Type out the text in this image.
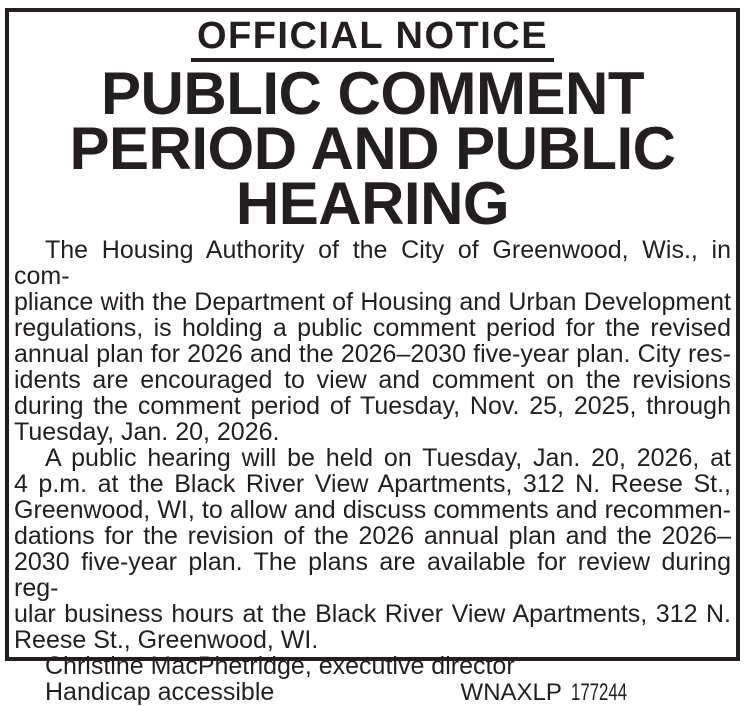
OFFICIAL NOTICE
PUBLIC COMMENT
PERIOD AND PUBLIC
HEARING
The Housing Authority of the City of Greenwood, Wis., in com-
pliance with the Department of Housing and Urban Development
regulations, is holding a public comment period for the revised
annual plan for 2026 and the 2026–2030 five-year plan. City res-
idents are encouraged to view and comment on the revisions
during the comment period of Tuesday, Nov. 25, 2025, through
Tuesday, Jan. 20, 2026.
A public hearing will be held on Tuesday, Jan. 20, 2026, at
4 p.m. at the Black River View Apartments, 312 N. Reese St.,
Greenwood, WI, to allow and discuss comments and recommen-
dations for the revision of the 2026 annual plan and the 2026–
2030 five-year plan. The plans are available for review during reg-
ular business hours at the Black River View Apartments, 312 N.
Reese St., Greenwood, WI.
Christine MacPhetridge, executive director
Handicap accessible	WNAXLP 177244
